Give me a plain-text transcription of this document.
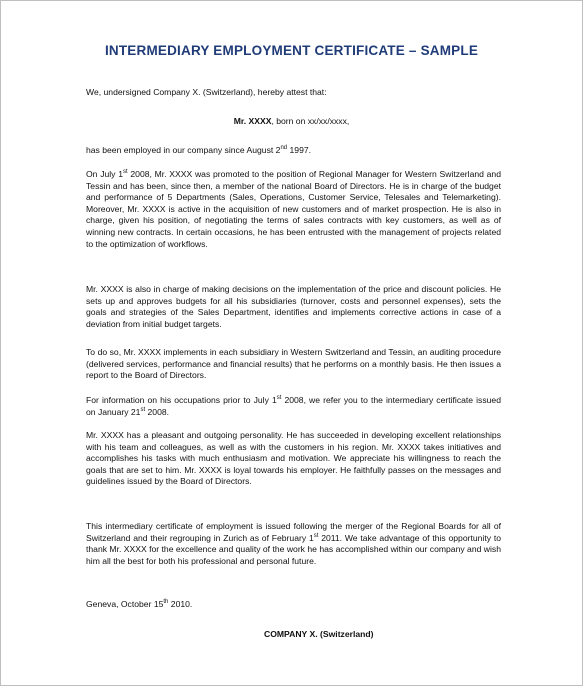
INTERMEDIARY EMPLOYMENT CERTIFICATE – SAMPLE
We, undersigned Company X. (Switzerland), hereby attest that:
Mr. XXXX, born on xx/xx/xxxx,
has been employed in our company since August 2nd 1997.
On July 1st 2008, Mr. XXXX was promoted to the position of Regional Manager for Western Switzerland and Tessin and has been, since then, a member of the national Board of Directors. He is in charge of the budget and performance of 5 Departments (Sales, Operations, Customer Service, Telesales and Telemarketing). Moreover, Mr. XXXX is active in the acquisition of new customers and of market prospection. He is also in charge, given his position, of negotiating the terms of sales contracts with key customers, as well as of winning new contracts. In certain occasions, he has been entrusted with the management of projects related to the optimization of workflows.
Mr. XXXX is also in charge of making decisions on the implementation of the price and discount policies. He sets up and approves budgets for all his subsidiaries (turnover, costs and personnel expenses), sets the goals and strategies of the Sales Department, identifies and implements corrective actions in case of a deviation from initial budget targets.
To do so, Mr. XXXX implements in each subsidiary in Western Switzerland and Tessin, an auditing procedure (delivered services, performance and financial results) that he performs on a monthly basis. He then issues a report to the Board of Directors.
For information on his occupations prior to July 1st 2008, we refer you to the intermediary certificate issued on January 21st 2008.
Mr. XXXX has a pleasant and outgoing personality. He has succeeded in developing excellent relationships with his team and colleagues, as well as with the customers in his region. Mr. XXXX takes initiatives and accomplishes his tasks with much enthusiasm and motivation. We appreciate his willingness to reach the goals that are set to him. Mr. XXXX is loyal towards his employer. He faithfully passes on the messages and guidelines issued by the Board of Directors.
This intermediary certificate of employment is issued following the merger of the Regional Boards for all of Switzerland and their regrouping in Zurich as of February 1st 2011. We take advantage of this opportunity to thank Mr. XXXX for the excellence and quality of the work he has accomplished within our company and wish him all the best for both his professional and personal future.
Geneva, October 15th 2010.
COMPANY X. (Switzerland)
